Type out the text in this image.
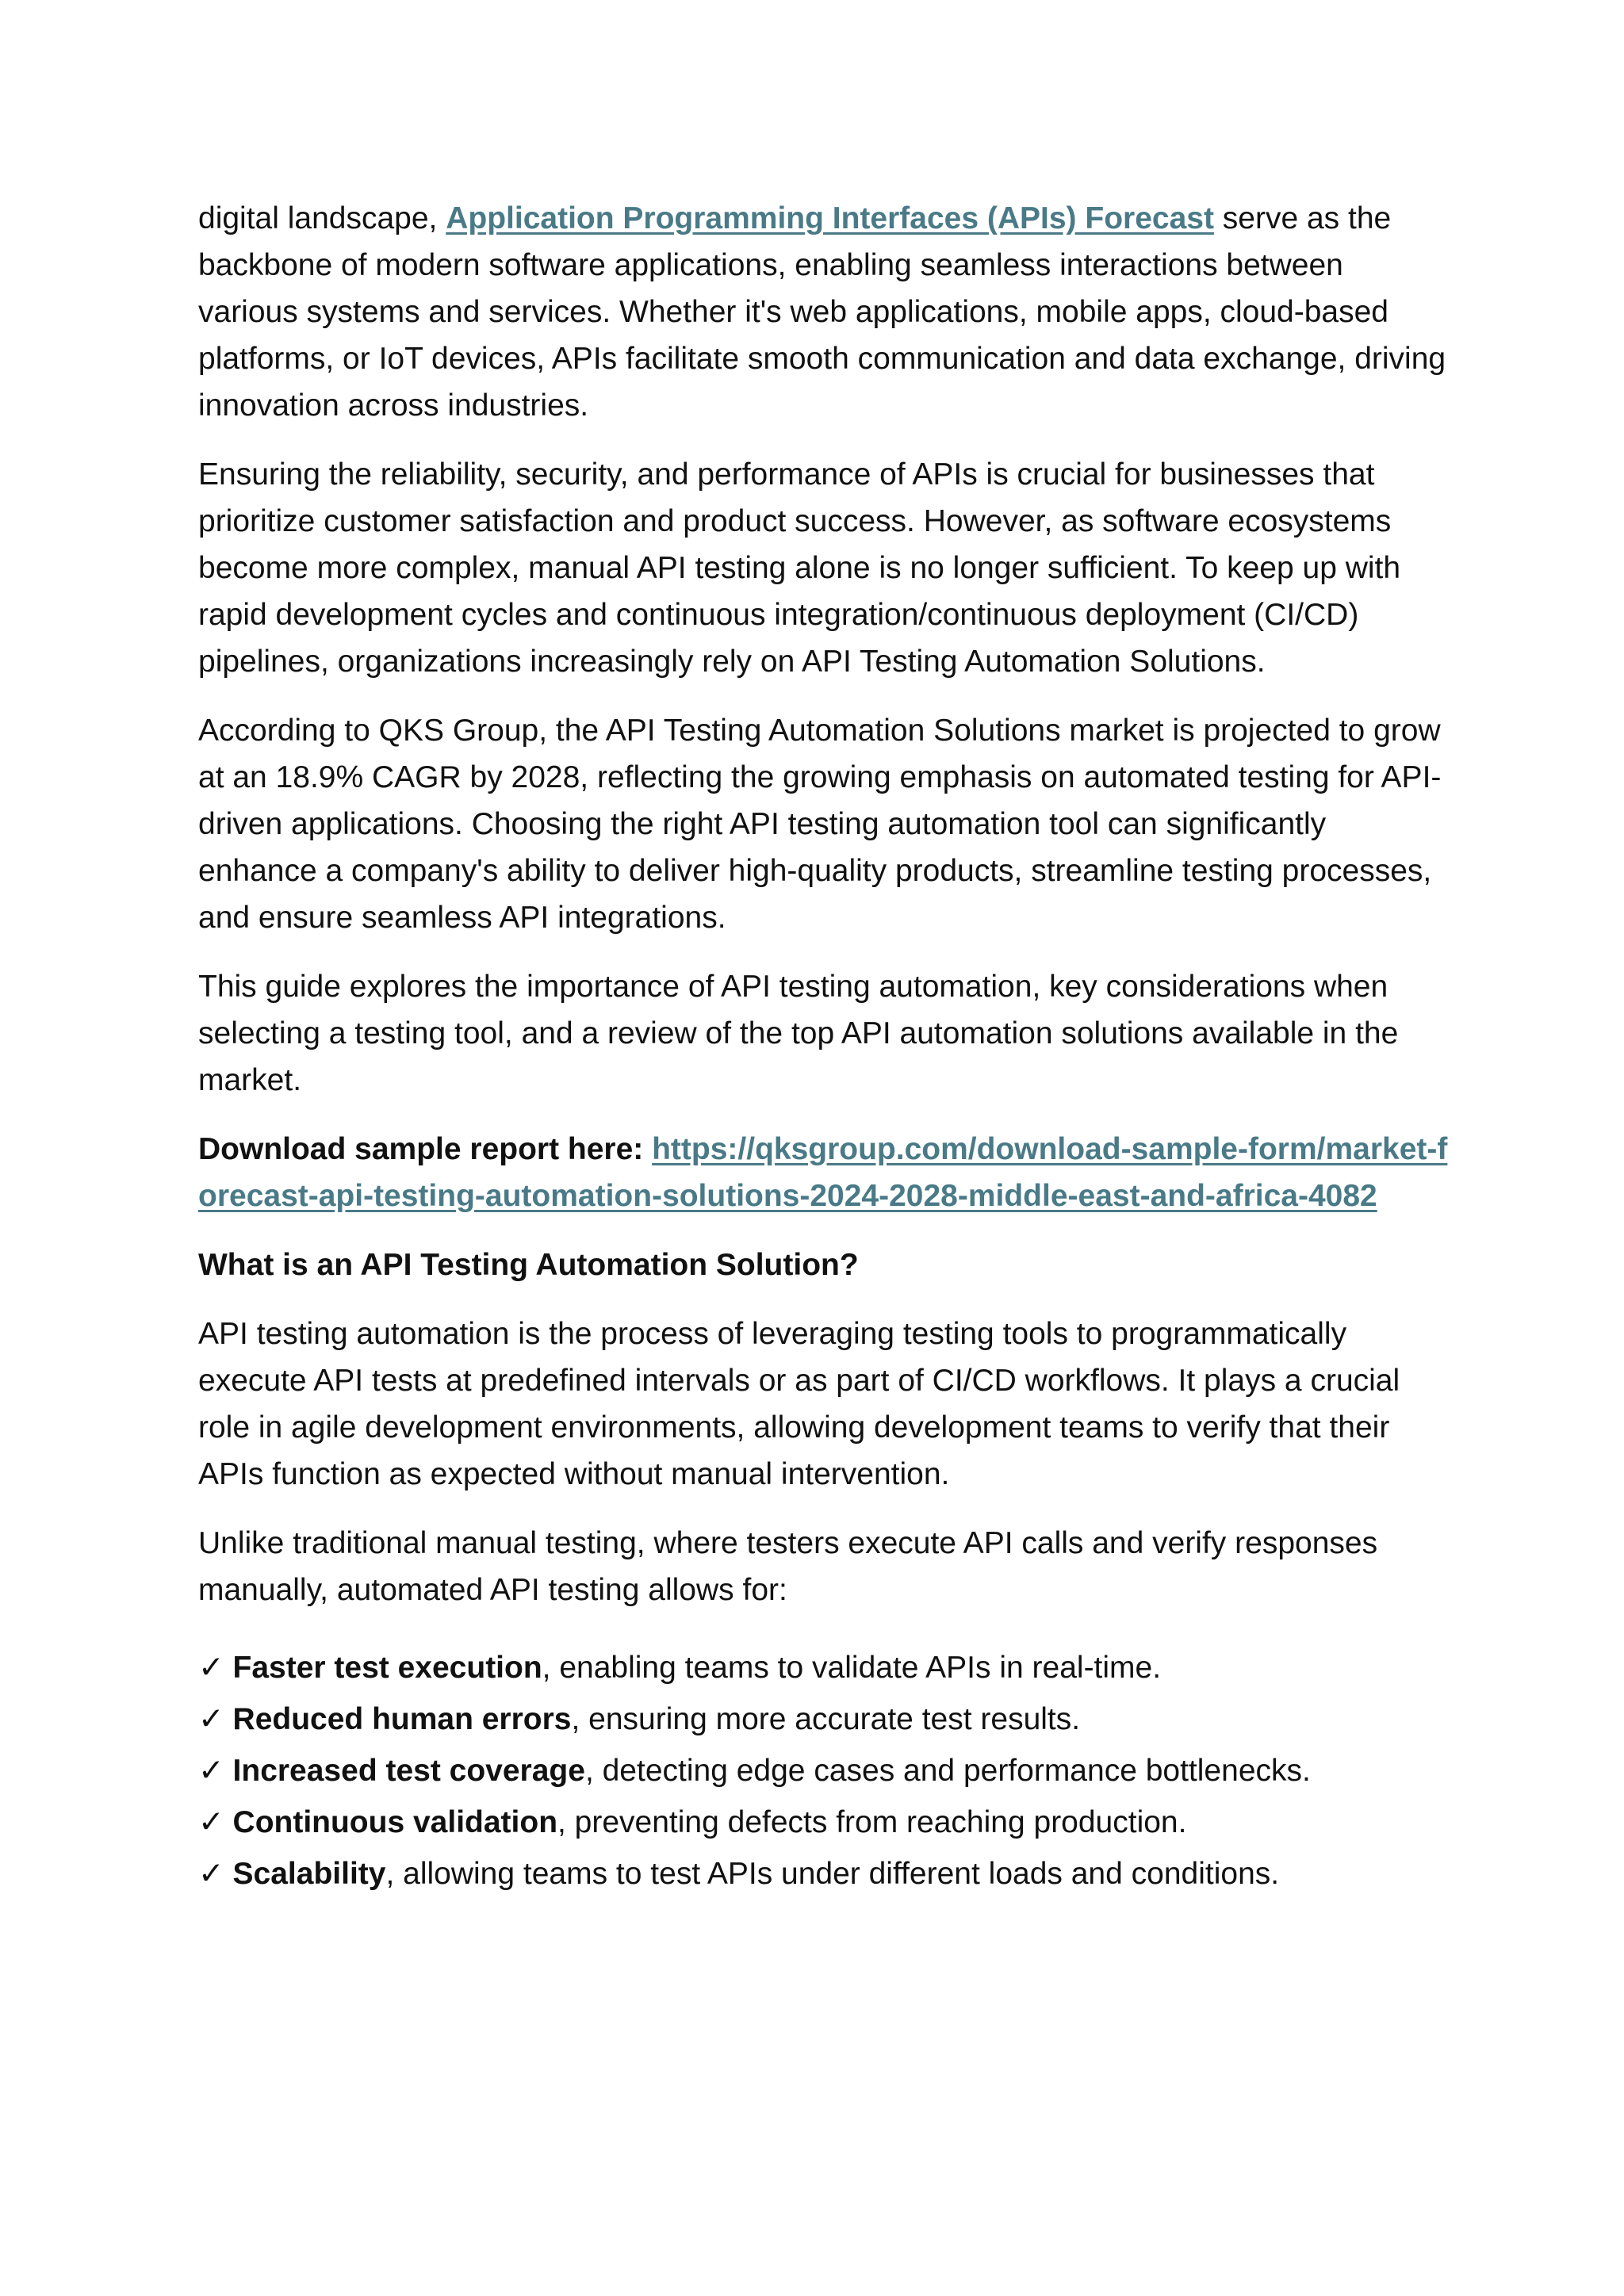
digital landscape, Application Programming Interfaces (APIs) Forecast serve as the backbone of modern software applications, enabling seamless interactions between various systems and services. Whether it's web applications, mobile apps, cloud-based platforms, or IoT devices, APIs facilitate smooth communication and data exchange, driving innovation across industries.

Ensuring the reliability, security, and performance of APIs is crucial for businesses that prioritize customer satisfaction and product success. However, as software ecosystems become more complex, manual API testing alone is no longer sufficient. To keep up with rapid development cycles and continuous integration/continuous deployment (CI/CD) pipelines, organizations increasingly rely on API Testing Automation Solutions.

According to QKS Group, the API Testing Automation Solutions market is projected to grow at an 18.9% CAGR by 2028, reflecting the growing emphasis on automated testing for API-driven applications. Choosing the right API testing automation tool can significantly enhance a company's ability to deliver high-quality products, streamline testing processes, and ensure seamless API integrations.

This guide explores the importance of API testing automation, key considerations when selecting a testing tool, and a review of the top API automation solutions available in the market.

Download sample report here: https://qksgroup.com/download-sample-form/market-forecast-api-testing-automation-solutions-2024-2028-middle-east-and-africa-4082

What is an API Testing Automation Solution?

API testing automation is the process of leveraging testing tools to programmatically execute API tests at predefined intervals or as part of CI/CD workflows. It plays a crucial role in agile development environments, allowing development teams to verify that their APIs function as expected without manual intervention.

Unlike traditional manual testing, where testers execute API calls and verify responses manually, automated API testing allows for:

✓ Faster test execution, enabling teams to validate APIs in real-time.
✓ Reduced human errors, ensuring more accurate test results.
✓ Increased test coverage, detecting edge cases and performance bottlenecks.
✓ Continuous validation, preventing defects from reaching production.
✓ Scalability, allowing teams to test APIs under different loads and conditions.
